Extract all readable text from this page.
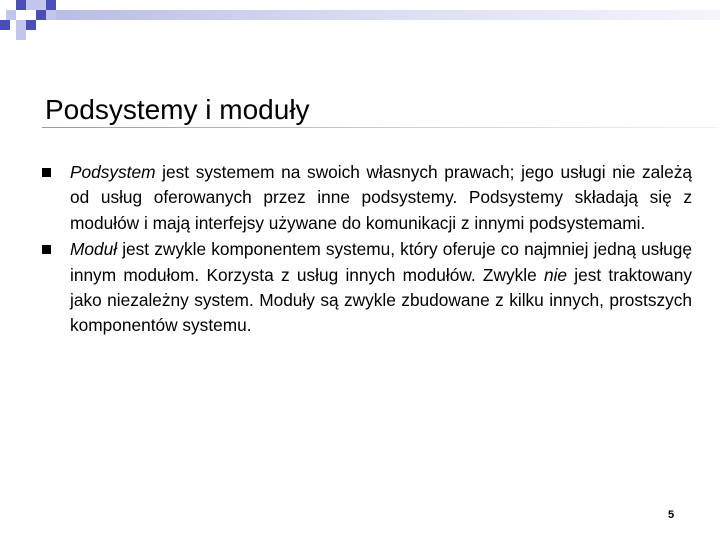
Podsystemy i moduły
Podsystem jest systemem na swoich własnych prawach; jego usługi nie zależą od usług oferowanych przez inne podsystemy. Podsystemy składają się z modułów i mają interfejsy używane do komunikacji z innymi podsystemami.
Moduł jest zwykle komponentem systemu, który oferuje co najmniej jedną usługę innym modułom. Korzysta z usług innych modułów. Zwykle nie jest traktowany jako niezależny system. Moduły są zwykle zbudowane z kilku innych, prostszych komponentów systemu.
5
